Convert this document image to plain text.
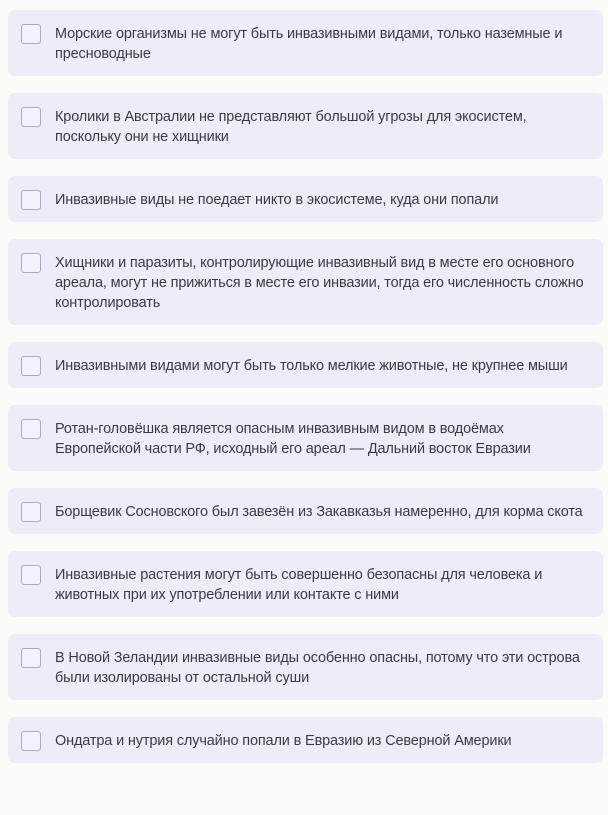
Морские организмы не могут быть инвазивными видами, только наземные и пресноводные
Кролики в Австралии не представляют большой угрозы для экосистем, поскольку они не хищники
Инвазивные виды не поедает никто в экосистеме, куда они попали
Хищники и паразиты, контролирующие инвазивный вид в месте его основного ареала, могут не прижиться в месте его инвазии, тогда его численность сложно контролировать
Инвазивными видами могут быть только мелкие животные, не крупнее мыши
Ротан-головёшка является опасным инвазивным видом в водоёмах Европейской части РФ, исходный его ареал — Дальний восток Евразии
Борщевик Сосновского был завезён из Закавказья намеренно, для корма скота
Инвазивные растения могут быть совершенно безопасны для человека и животных при их употреблении или контакте с ними
В Новой Зеландии инвазивные виды особенно опасны, потому что эти острова были изолированы от остальной суши
Ондатра и нутрия случайно попали в Евразию из Северной Америки
